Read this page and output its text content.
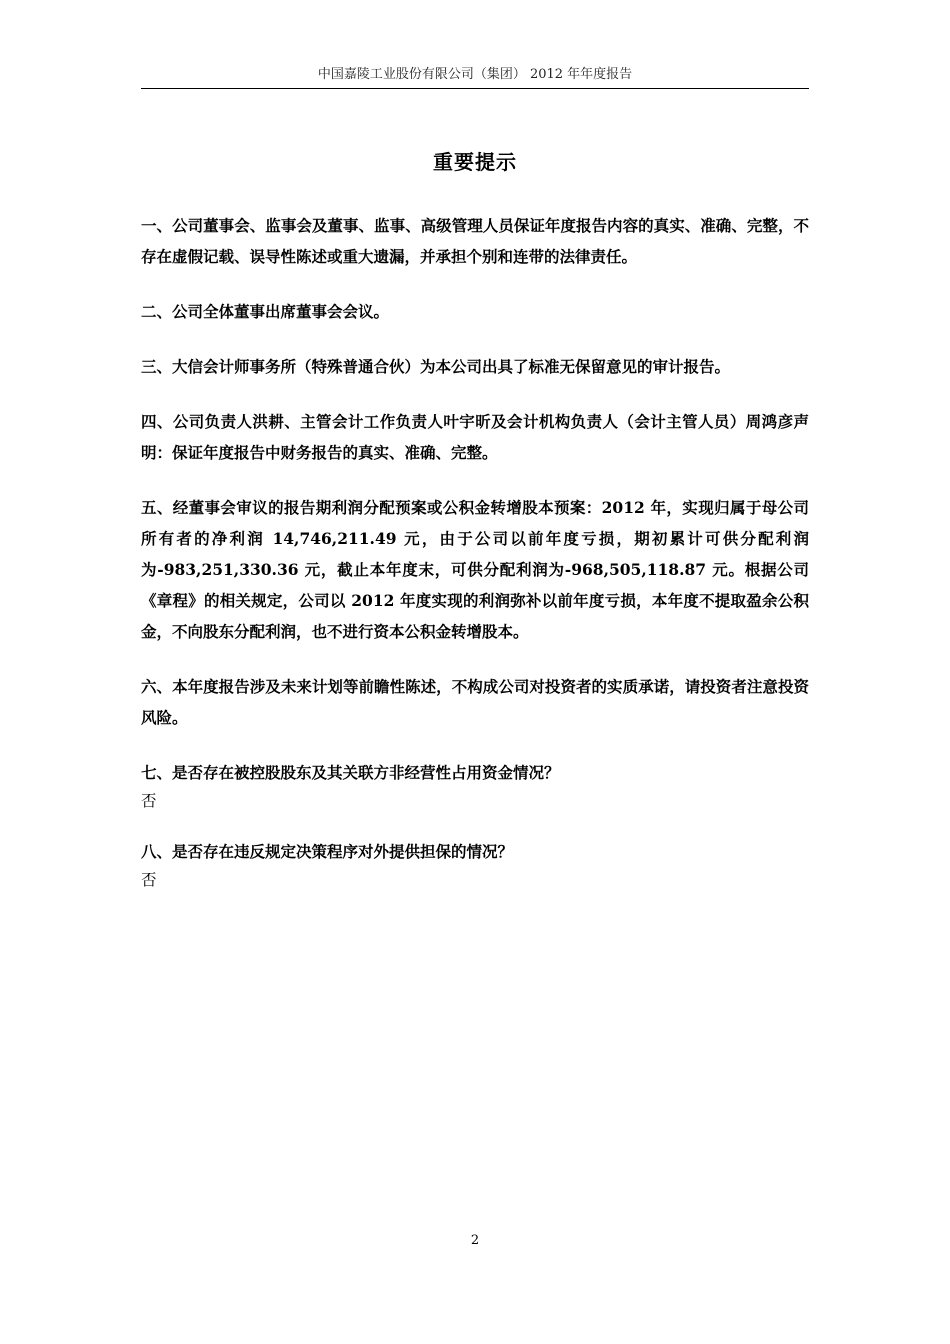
中国嘉陵工业股份有限公司（集团） 2012 年年度报告
重要提示

一、公司董事会、监事会及董事、监事、高级管理人员保证年度报告内容的真实、准确、完整，不存在虚假记载、误导性陈述或重大遗漏，并承担个别和连带的法律责任。

二、公司全体董事出席董事会会议。

三、大信会计师事务所（特殊普通合伙）为本公司出具了标准无保留意见的审计报告。

四、公司负责人洪耕、主管会计工作负责人叶宇昕及会计机构负责人（会计主管人员）周鸿彦声明：保证年度报告中财务报告的真实、准确、完整。

五、经董事会审议的报告期利润分配预案或公积金转增股本预案：2012 年，实现归属于母公司所有者的净利润 14,746,211.49 元，由于公司以前年度亏损，期初累计可供分配利润为-983,251,330.36 元，截止本年度末，可供分配利润为-968,505,118.87 元。根据公司《章程》的相关规定，公司以 2012 年度实现的利润弥补以前年度亏损，本年度不提取盈余公积金，不向股东分配利润，也不进行资本公积金转增股本。

六、本年度报告涉及未来计划等前瞻性陈述，不构成公司对投资者的实质承诺，请投资者注意投资风险。

七、是否存在被控股股东及其关联方非经营性占用资金情况？

否

八、是否存在违反规定决策程序对外提供担保的情况？

否

2
